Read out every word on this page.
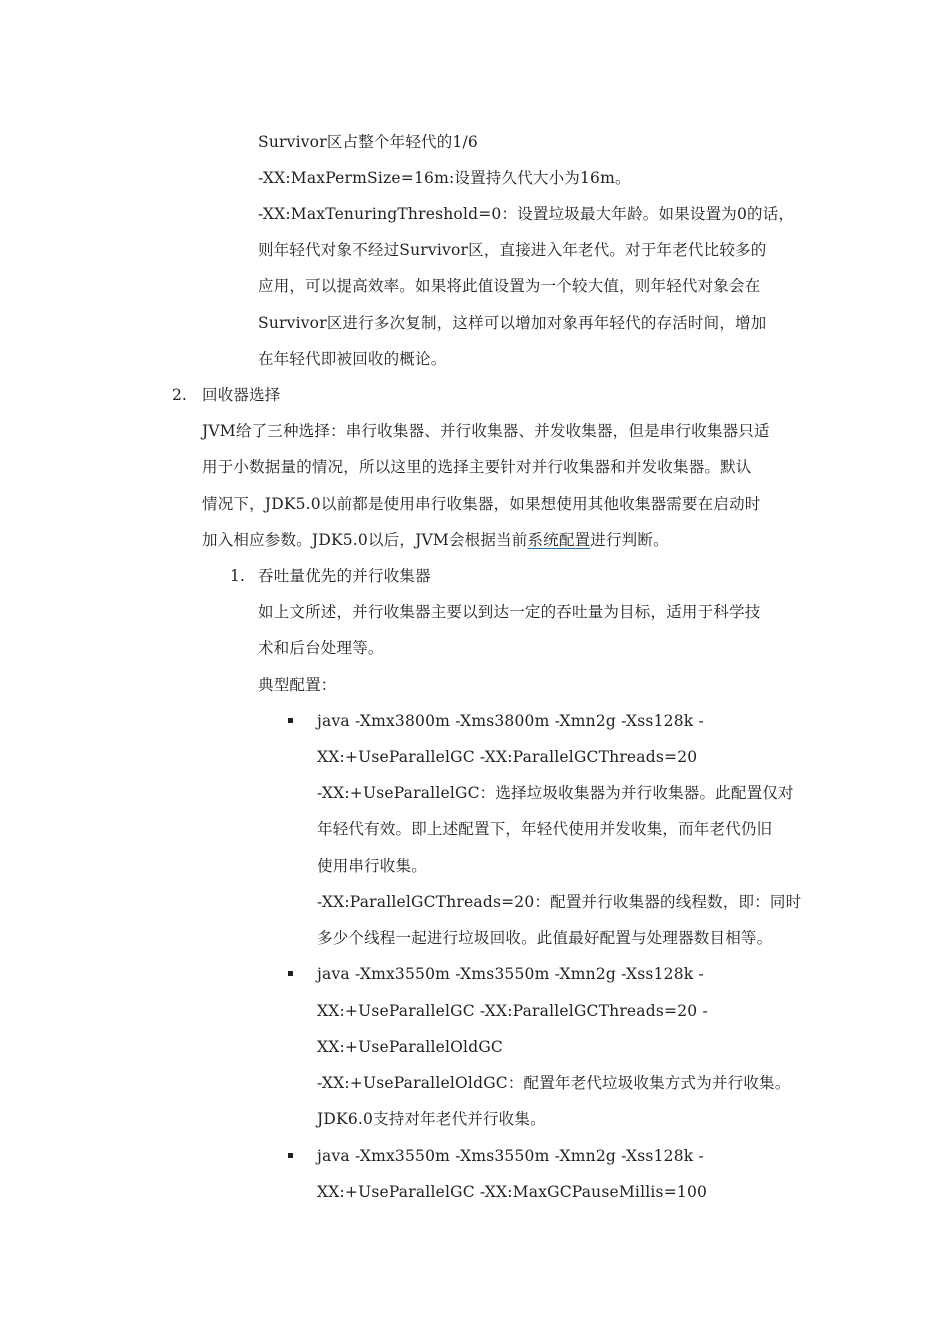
Survivor区占整个年轻代的1/6
-XX:MaxPermSize=16m:设置持久代大小为16m。
-XX:MaxTenuringThreshold=0：设置垃圾最大年龄。如果设置为0的话，
则年轻代对象不经过Survivor区，直接进入年老代。对于年老代比较多的
应用，可以提高效率。如果将此值设置为一个较大值，则年轻代对象会在
Survivor区进行多次复制，这样可以增加对象再年轻代的存活时间，增加
在年轻代即被回收的概论。
2. 回收器选择
JVM给了三种选择：串行收集器、并行收集器、并发收集器，但是串行收集器只适
用于小数据量的情况，所以这里的选择主要针对并行收集器和并发收集器。默认
情况下，JDK5.0以前都是使用串行收集器，如果想使用其他收集器需要在启动时
加入相应参数。JDK5.0以后，JVM会根据当前系统配置进行判断。
1. 吞吐量优先的并行收集器
如上文所述，并行收集器主要以到达一定的吞吐量为目标，适用于科学技
术和后台处理等。
典型配置：
java -Xmx3800m -Xms3800m -Xmn2g -Xss128k -
XX:+UseParallelGC -XX:ParallelGCThreads=20
-XX:+UseParallelGC：选择垃圾收集器为并行收集器。此配置仅对
年轻代有效。即上述配置下，年轻代使用并发收集，而年老代仍旧
使用串行收集。
-XX:ParallelGCThreads=20：配置并行收集器的线程数，即：同时
多少个线程一起进行垃圾回收。此值最好配置与处理器数目相等。
java -Xmx3550m -Xms3550m -Xmn2g -Xss128k -
XX:+UseParallelGC -XX:ParallelGCThreads=20 -
XX:+UseParallelOldGC
-XX:+UseParallelOldGC：配置年老代垃圾收集方式为并行收集。
JDK6.0支持对年老代并行收集。
java -Xmx3550m -Xms3550m -Xmn2g -Xss128k -
XX:+UseParallelGC -XX:MaxGCPauseMillis=100
